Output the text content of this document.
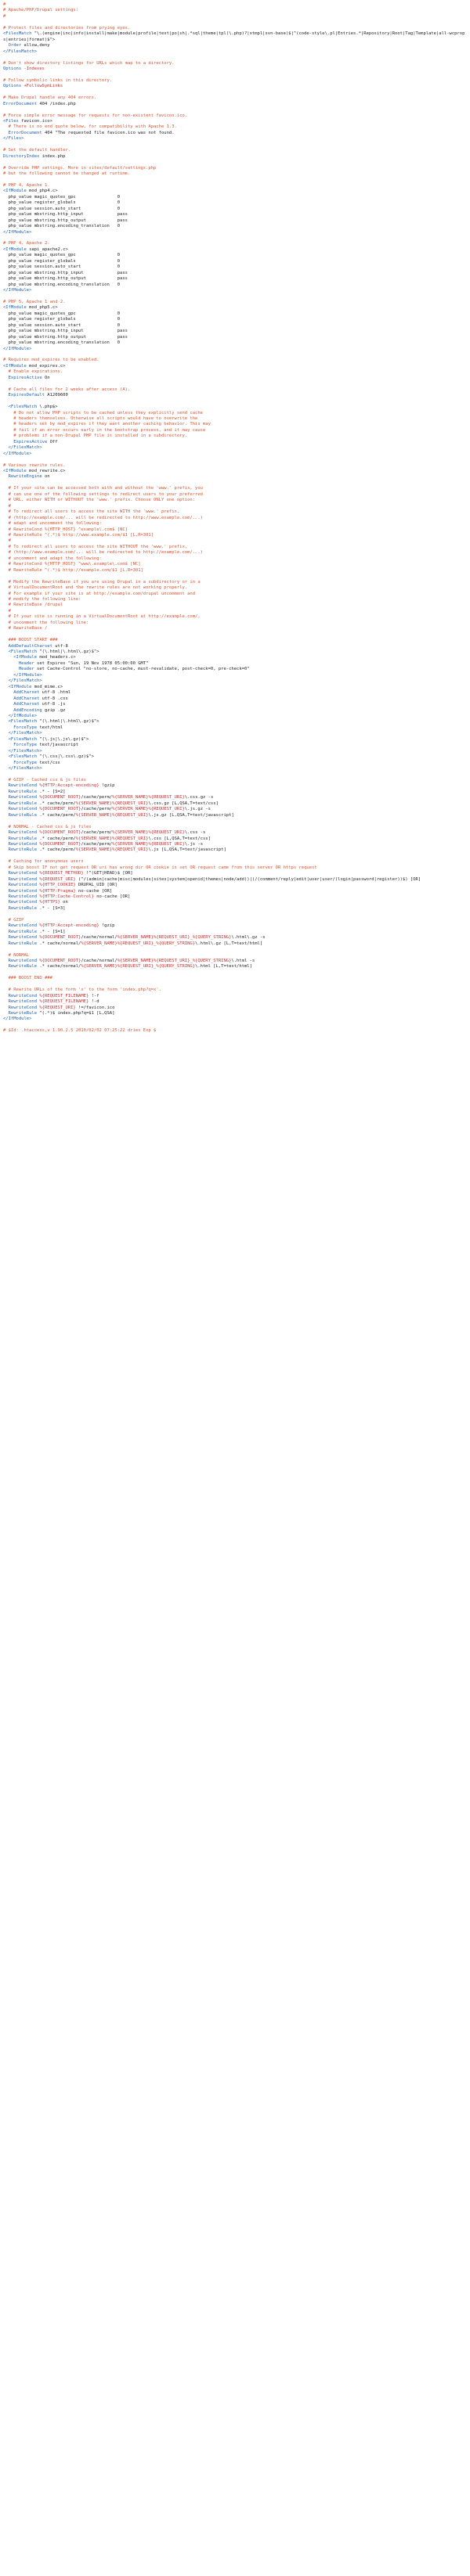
#
# Apache/PHP/Drupal settings:
#
# Protect files and directories from prying eyes.
<FilesMatch "\.(engine|inc|info|install|make|module|profile|test|po|sh|.*sql|theme|tpl(\.php)?|xtmpl|svn-base)$|^(code-style\.pl|Entries.*|Repository|Root|Tag|Template|all-wcprops|entries|format)$">
Order allow,deny
</FilesMatch>
# Don't show directory listings for URLs which map to a directory.
Options -Indexes
# Follow symbolic links in this directory.
Options +FollowSymLinks
# Make Drupal handle any 404 errors.
ErrorDocument 404 /index.php
# Force simple error message for requests for non-existent favicon.ico.
<Files favicon.ico>
# There is no end quote below, for compatibility with Apache 1.3.
ErrorDocument 404 "The requested file favicon.ico was not found.
</Files>
# Set the default handler.
DirectoryIndex index.php
# Override PHP settings. More in sites/default/settings.php
# but the following cannot be changed at runtime.
# PHP 4, Apache 1.
<IfModule mod_php4.c>
php_value magic_quotes_gpc                0
php_value register_globals                0
php_value session.auto_start              0
php_value mbstring.http_input             pass
php_value mbstring.http_output            pass
php_value mbstring.encoding_translation   0
</IfModule>
# PHP 4, Apache 2.
<IfModule sapi_apache2.c>
php_value magic_quotes_gpc                0
php_value register_globals                0
php_value session.auto_start              0
php_value mbstring.http_input             pass
php_value mbstring.http_output            pass
php_value mbstring.encoding_translation   0
</IfModule>
# PHP 5, Apache 1 and 2.
<IfModule mod_php5.c>
php_value magic_quotes_gpc                0
php_value register_globals                0
php_value session.auto_start              0
php_value mbstring.http_input             pass
php_value mbstring.http_output            pass
php_value mbstring.encoding_translation   0
</IfModule>
# Requires mod_expires to be enabled.
<IfModule mod_expires.c>
# Enable expirations.
ExpiresActive On
# Cache all files for 2 weeks after access (A).
ExpiresDefault A1209600
<FilesMatch \.php$>
# Do not allow PHP scripts to be cached unless they explicitly send cache
# headers themselves. Otherwise all scripts would have to overwrite the
# headers set by mod_expires if they want another caching behavior. This may
# fail if an error occurs early in the bootstrap process, and it may cause
# problems if a non-Drupal PHP file is installed in a subdirectory.
ExpiresActive Off
</FilesMatch>
</IfModule>
# Various rewrite rules.
<IfModule mod_rewrite.c>
RewriteEngine on
# If your site can be accessed both with and without the 'www.' prefix, you
# can use one of the following settings to redirect users to your preferred
# URL, either WITH or WITHOUT the 'www.' prefix. Choose ONLY one option:
#
# To redirect all users to access the site WITH the 'www.' prefix,
# (http://example.com/... will be redirected to http://www.example.com/...)
# adapt and uncomment the following:
# RewriteCond %{HTTP_HOST} ^example\.com$ [NC]
# RewriteRule ^(.*)$ http://www.example.com/$1 [L,R=301]
#
# To redirect all users to access the site WITHOUT the 'www.' prefix,
# (http://www.example.com/... will be redirected to http://example.com/...)
# uncomment and adapt the following:
# RewriteCond %{HTTP_HOST} ^www\.example\.com$ [NC]
# RewriteRule ^(.*)$ http://example.com/$1 [L,R=301]
# Modify the RewriteBase if you are using Drupal in a subdirectory or in a
# VirtualDocumentRoot and the rewrite rules are not working properly.
# For example if your site is at http://example.com/drupal uncomment and
# modify the following line:
# RewriteBase /drupal
#
# If your site is running in a VirtualDocumentRoot at http://example.com/,
# uncomment the following line:
# RewriteBase /
### BOOST START ###
AddDefaultCharset utf-8
<FilesMatch "(\.html|\.html\.gz)$">
<IfModule mod_headers.c>
Header set Expires "Sun, 19 Nov 1978 05:00:00 GMT"
Header set Cache-Control "no-store, no-cache, must-revalidate, post-check=0, pre-check=0"
</IfModule>
</FilesMatch>
<IfModule mod_mime.c>
AddCharset utf-8 .html
AddCharset utf-8 .css
AddCharset utf-8 .js
AddEncoding gzip .gz
</IfModule>
<FilesMatch "(\.html|\.html\.gz)$">
ForceType text/html
</FilesMatch>
<FilesMatch "(\.js|\.js\.gz)$">
ForceType text/javascript
</FilesMatch>
<FilesMatch "(\.css|\.css\.gz)$">
ForceType text/css
</FilesMatch>
# GZIP - Cached css & js files
RewriteCond %{HTTP:Accept-encoding} !gzip
RewriteRule .* - [S=2]
RewriteCond %{DOCUMENT_ROOT}/cache/perm/%{SERVER_NAME}%{REQUEST_URI}\.css.gz -s
RewriteRule .* cache/perm/%{SERVER_NAME}%{REQUEST_URI}\.css.gz [L,QSA,T=text/css]
RewriteCond %{DOCUMENT_ROOT}/cache/perm/%{SERVER_NAME}%{REQUEST_URI}\.js.gz -s
RewriteRule .* cache/perm/%{SERVER_NAME}%{REQUEST_URI}\.js.gz [L,QSA,T=text/javascript]
# NORMAL - Cached css & js files
RewriteCond %{DOCUMENT_ROOT}/cache/perm/%{SERVER_NAME}%{REQUEST_URI}\.css -s
RewriteRule .* cache/perm/%{SERVER_NAME}%{REQUEST_URI}\.css [L,QSA,T=text/css]
RewriteCond %{DOCUMENT_ROOT}/cache/perm/%{SERVER_NAME}%{REQUEST_URI}\.js -s
RewriteRule .* cache/perm/%{SERVER_NAME}%{REQUEST_URI}\.js [L,QSA,T=text/javascript]
# Caching for anonymous users
# Skip boost IF not get request OR uri has wrong dir OR cookie is set OR request came from this server OR https request
RewriteCond %{REQUEST_METHOD} !^(GET|HEAD)$ [OR]
RewriteCond %{REQUEST_URI} (^/(admin|cache|misc|modules|sites|system|openid|themes|node/add))|(/(comment/reply|edit|user|user/(login|password|register))$) [OR]
RewriteCond %{HTTP_COOKIE} DRUPAL_UID [OR]
RewriteCond %{HTTP:Pragma} no-cache [OR]
RewriteCond %{HTTP:Cache-Control} no-cache [OR]
RewriteCond %{HTTPS} on
RewriteRule .* - [S=3]
# GZIP
RewriteCond %{HTTP:Accept-encoding} !gzip
RewriteRule .* - [S=1]
RewriteCond %{DOCUMENT_ROOT}/cache/normal/%{SERVER_NAME}%{REQUEST_URI}_%{QUERY_STRING}\.html\.gz -s
RewriteRule .* cache/normal/%{SERVER_NAME}%{REQUEST_URI}_%{QUERY_STRING}\.html\.gz [L,T=text/html]
# NORMAL
RewriteCond %{DOCUMENT_ROOT}/cache/normal/%{SERVER_NAME}%{REQUEST_URI}_%{QUERY_STRING}\.html -s
RewriteRule .* cache/normal/%{SERVER_NAME}%{REQUEST_URI}_%{QUERY_STRING}\.html [L,T=text/html]
### BOOST END ###
# Rewrite URLs of the form 'x' to the form 'index.php?q=x'.
RewriteCond %{REQUEST_FILENAME} !-f
RewriteCond %{REQUEST_FILENAME} !-d
RewriteCond %{REQUEST_URI} !=/favicon.ico
RewriteRule ^(.*)$ index.php?q=$1 [L,QSA]
</IfModule>
# $Id: .htaccess,v 1.90.2.5 2010/02/02 07:25:22 dries Exp $
